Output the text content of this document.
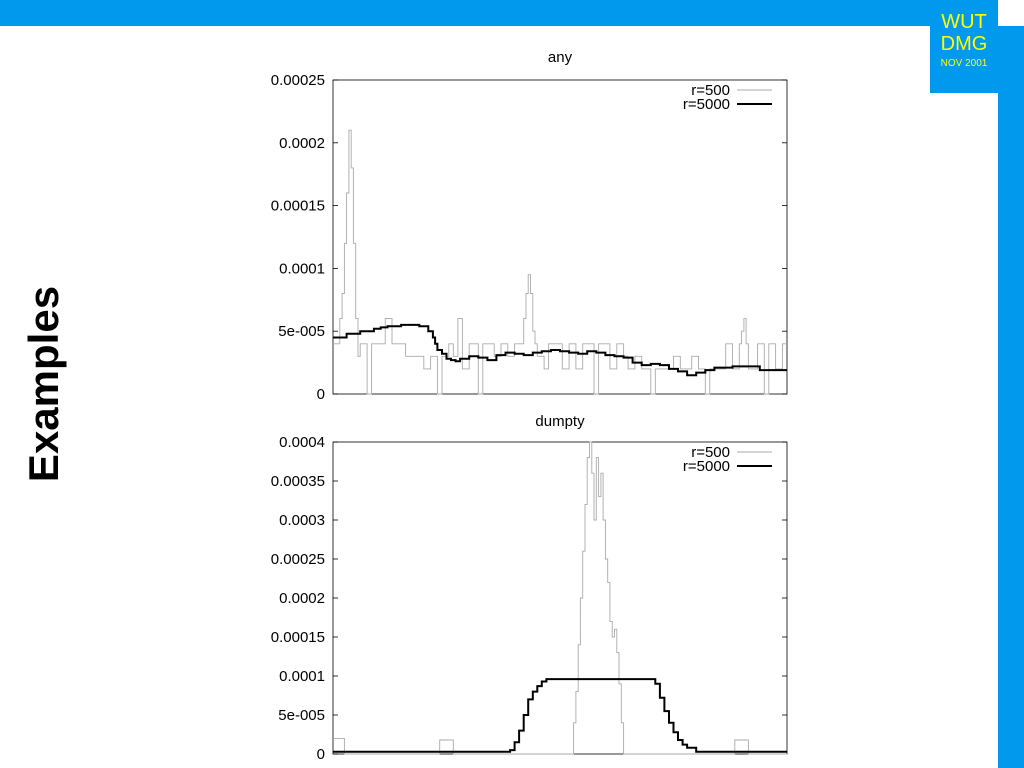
WUT
DMG
NOV 2001
Examples
any
0
5e-005
0.0001
0.00015
0.0002
0.00025
r=500
r=5000
dumpty
0
5e-005
0.0001
0.00015
0.0002
0.00025
0.0003
0.00035
0.0004
r=500
r=5000
